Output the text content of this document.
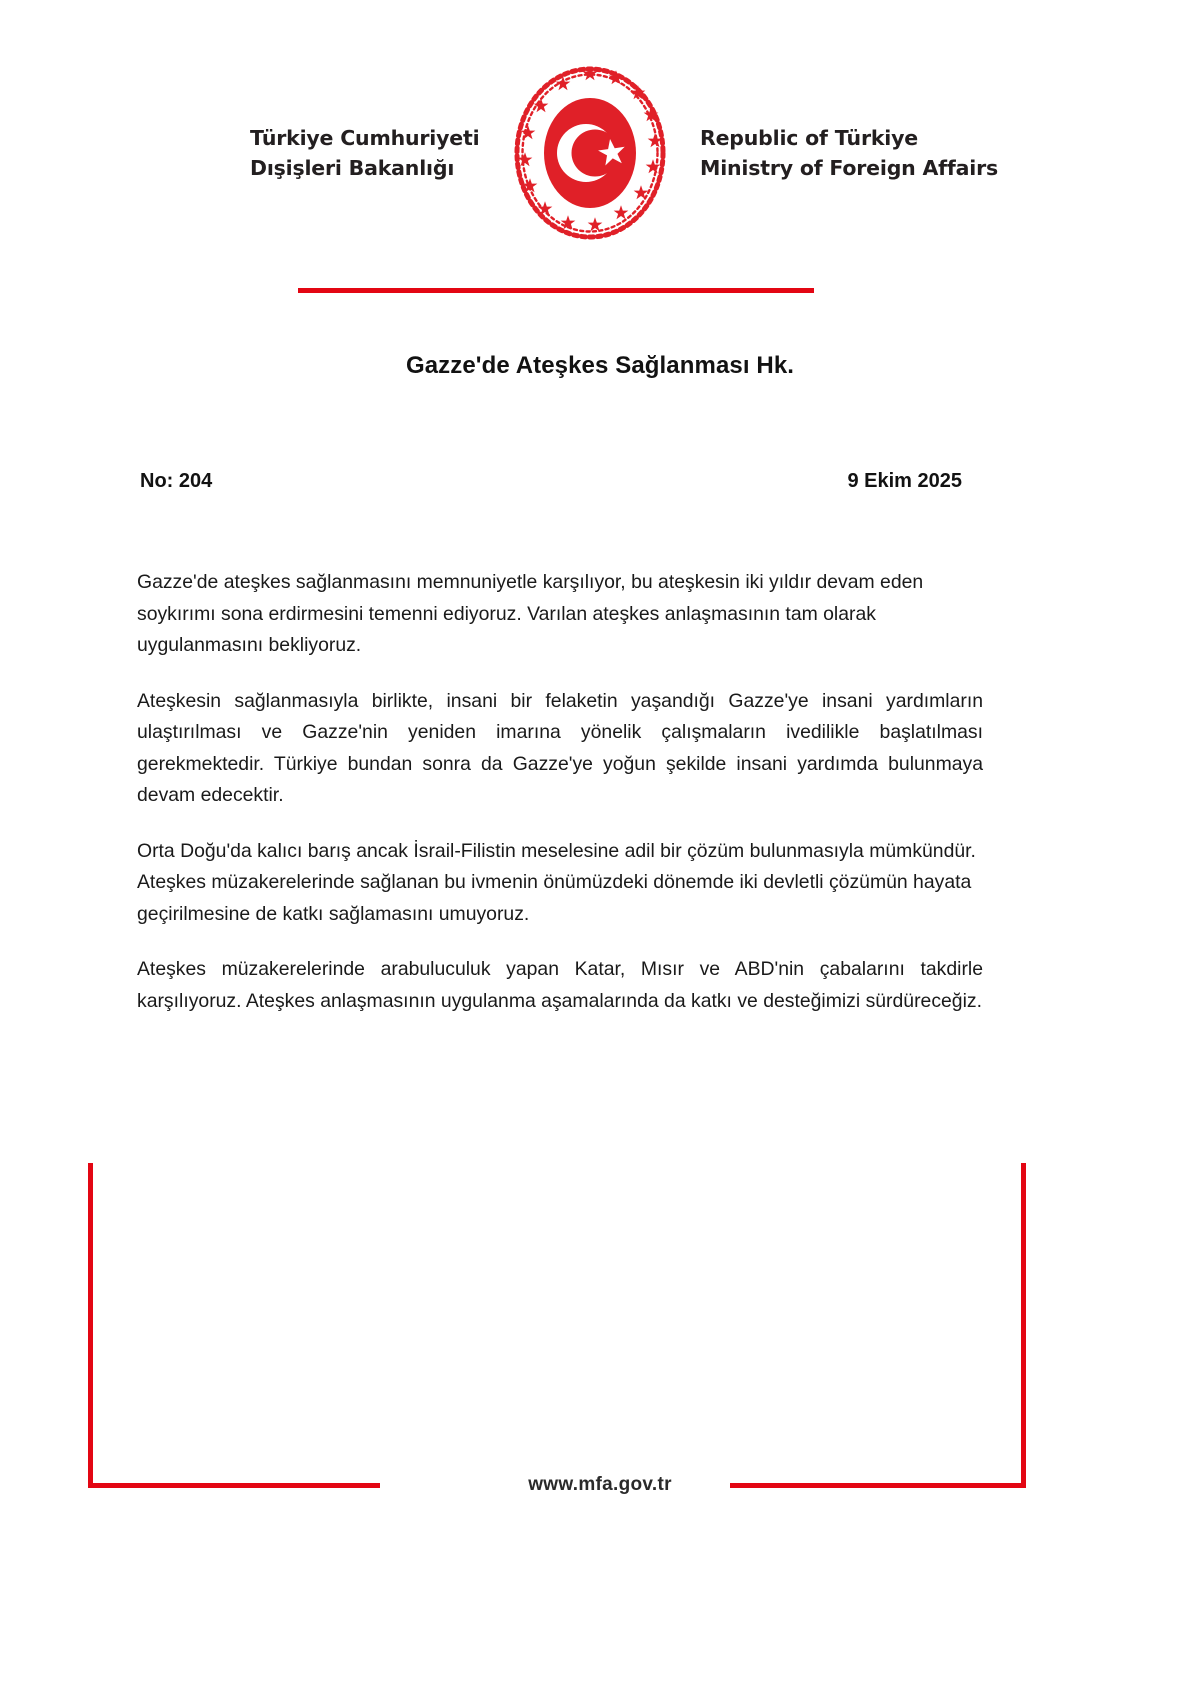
Türkiye Cumhuriyeti
Dışişleri Bakanlığı
Republic of Türkiye
Ministry of Foreign Affairs
Gazze'de Ateşkes Sağlanması Hk.
No: 204	9 Ekim 2025

Gazze'de ateşkes sağlanmasını memnuniyetle karşılıyor, bu ateşkesin iki yıldır devam eden soykırımı sona erdirmesini temenni ediyoruz. Varılan ateşkes anlaşmasının tam olarak uygulanmasını bekliyoruz.

Ateşkesin sağlanmasıyla birlikte, insani bir felaketin yaşandığı Gazze'ye insani yardımların ulaştırılması ve Gazze'nin yeniden imarına yönelik çalışmaların ivedilikle başlatılması gerekmektedir. Türkiye bundan sonra da Gazze'ye yoğun şekilde insani yardımda bulunmaya devam edecektir.

Orta Doğu'da kalıcı barış ancak İsrail-Filistin meselesine adil bir çözüm bulunmasıyla mümkündür. Ateşkes müzakerelerinde sağlanan bu ivmenin önümüzdeki dönemde iki devletli çözümün hayata geçirilmesine de katkı sağlamasını umuyoruz.

Ateşkes müzakerelerinde arabuluculuk yapan Katar, Mısır ve ABD'nin çabalarını takdirle karşılıyoruz. Ateşkes anlaşmasının uygulanma aşamalarında da katkı ve desteğimizi sürdüreceğiz.

www.mfa.gov.tr
